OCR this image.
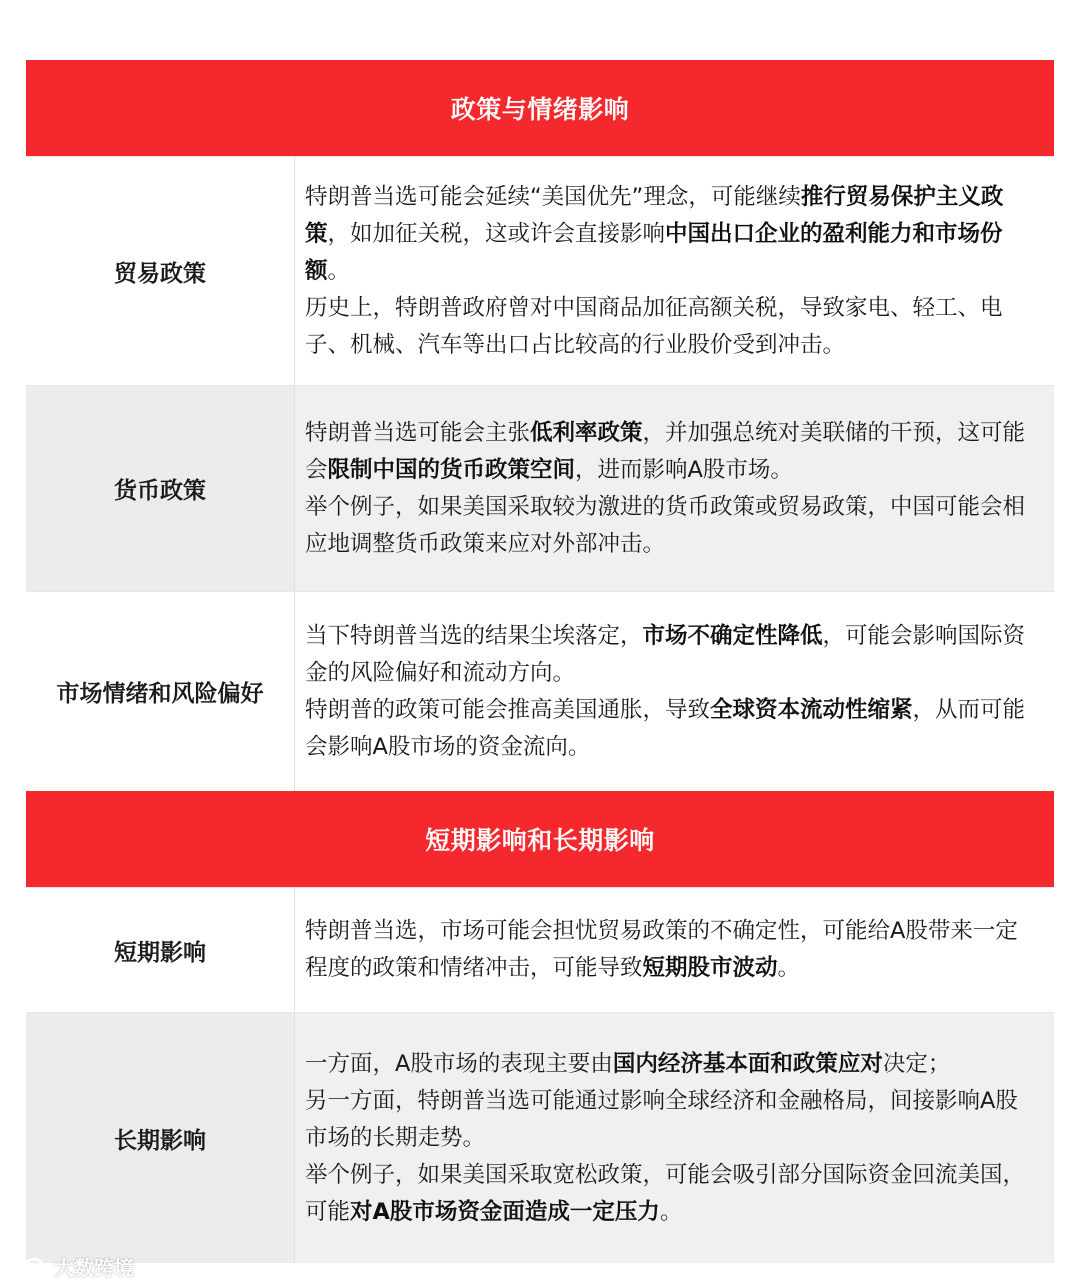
政策与情绪影响
贸易政策

特朗普当选可能会延续“美国优先”理念，可能继续推行贸易保护主义政策，如加征关税，这或许会直接影响中国出口企业的盈利能力和市场份额。

历史上，特朗普政府曾对中国商品加征高额关税，导致家电、轻工、电子、机械、汽车等出口占比较高的行业股价受到冲击。

货币政策

特朗普当选可能会主张低利率政策，并加强总统对美联储的干预，这可能会限制中国的货币政策空间，进而影响A股市场。

举个例子，如果美国采取较为激进的货币政策或贸易政策，中国可能会相应地调整货币政策来应对外部冲击。

市场情绪和风险偏好

当下特朗普当选的结果尘埃落定，市场不确定性降低，可能会影响国际资金的风险偏好和流动方向。

特朗普的政策可能会推高美国通胀，导致全球资本流动性缩紧，从而可能会影响A股市场的资金流向。

短期影响和长期影响
短期影响

特朗普当选，市场可能会担忧贸易政策的不确定性，可能给A股带来一定程度的政策和情绪冲击，可能导致短期股市波动。

长期影响

一方面，A股市场的表现主要由国内经济基本面和政策应对决定；

另一方面，特朗普当选可能通过影响全球经济和金融格局，间接影响A股市场的长期走势。

举个例子，如果美国采取宽松政策，可能会吸引部分国际资金回流美国，可能对A股市场资金面造成一定压力。

大数跨境
